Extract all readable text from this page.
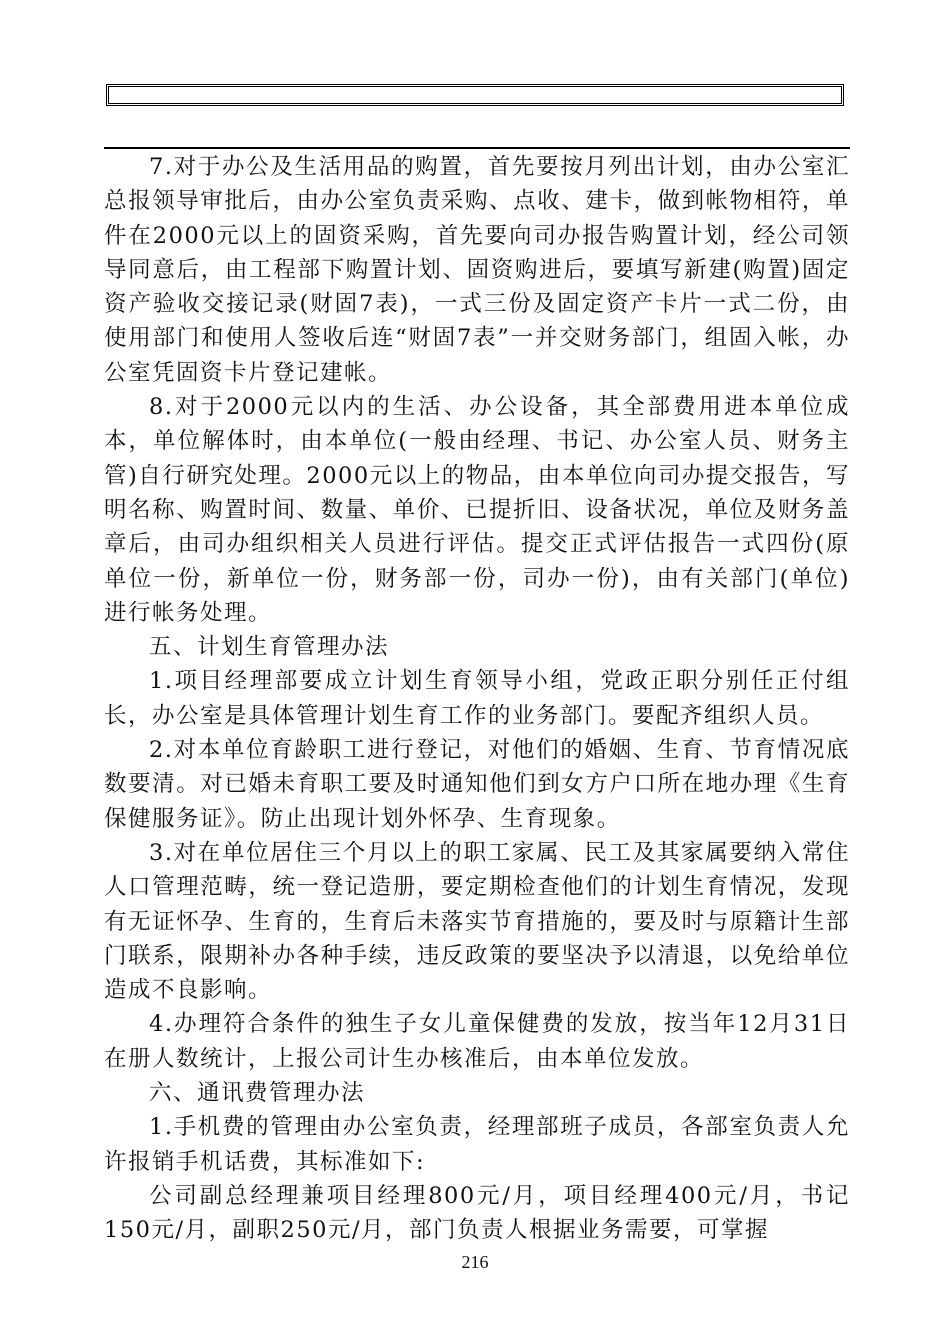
7.对于办公及生活用品的购置，首先要按月列出计划，由办公室汇总报领导审批后，由办公室负责采购、点收、建卡，做到帐物相符，单件在2000元以上的固资采购，首先要向司办报告购置计划，经公司领导同意后，由工程部下购置计划、固资购进后，要填写新建(购置)固定资产验收交接记录(财固7表)，一式三份及固定资产卡片一式二份，由使用部门和使用人签收后连“财固7表”一并交财务部门，组固入帐，办公室凭固资卡片登记建帐。

8.对于2000元以内的生活、办公设备，其全部费用进本单位成本，单位解体时，由本单位(一般由经理、书记、办公室人员、财务主管)自行研究处理。2000元以上的物品，由本单位向司办提交报告，写明名称、购置时间、数量、单价、已提折旧、设备状况，单位及财务盖章后，由司办组织相关人员进行评估。提交正式评估报告一式四份(原单位一份，新单位一份，财务部一份，司办一份)，由有关部门(单位)进行帐务处理。

五、计划生育管理办法

1.项目经理部要成立计划生育领导小组，党政正职分别任正付组长，办公室是具体管理计划生育工作的业务部门。要配齐组织人员。

2.对本单位育龄职工进行登记，对他们的婚姻、生育、节育情况底数要清。对已婚未育职工要及时通知他们到女方户口所在地办理《生育保健服务证》。防止出现计划外怀孕、生育现象。

3.对在单位居住三个月以上的职工家属、民工及其家属要纳入常住人口管理范畴，统一登记造册，要定期检查他们的计划生育情况，发现有无证怀孕、生育的，生育后未落实节育措施的，要及时与原籍计生部门联系，限期补办各种手续，违反政策的要坚决予以清退，以免给单位造成不良影响。

4.办理符合条件的独生子女儿童保健费的发放，按当年12月31日在册人数统计，上报公司计生办核准后，由本单位发放。

六、通讯费管理办法

1.手机费的管理由办公室负责，经理部班子成员，各部室负责人允许报销手机话费，其标准如下:

公司副总经理兼项目经理800元/月，项目经理400元/月，书记150元/月，副职250元/月，部门负责人根据业务需要，可掌握

216
